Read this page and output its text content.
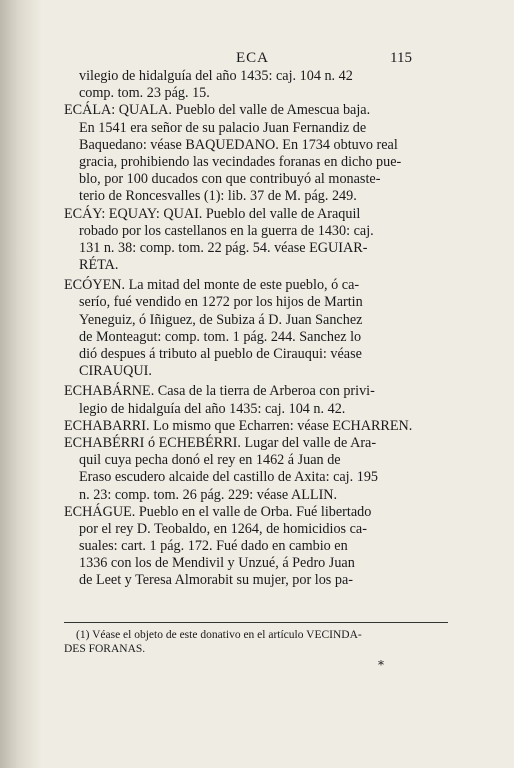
ECA	115
vilegio de hidalguía del año 1435: caj. 104 n. 42
comp. tom. 23 pág. 15.
ECÁLA: QUALA. Pueblo del valle de Amescua baja.
En 1541 era señor de su palacio Juan Fernandiz de
Baquedano: véase BAQUEDANO. En 1734 obtuvo real
gracia, prohibiendo las vecindades foranas en dicho pue-
blo, por 100 ducados con que contribuyó al monaste-
terio de Roncesvalles (1): lib. 37 de M. pág. 249.
ECÁY: EQUAY: QUAI. Pueblo del valle de Araquil
robado por los castellanos en la guerra de 1430: caj.
131 n. 38: comp. tom. 22 pág. 54. véase EGUIAR-
RÉTA.
ECÓYEN. La mitad del monte de este pueblo, ó ca-
serío, fué vendido en 1272 por los hijos de Martin
Yeneguiz, ó Iñiguez, de Subiza á D. Juan Sanchez
de Monteagut: comp. tom. 1 pág. 244. Sanchez lo
dió despues á tributo al pueblo de Cirauqui: véase
CIRAUQUI.
ECHABÁRNE. Casa de la tierra de Arberoa con privi-
legio de hidalguía del año 1435: caj. 104 n. 42.
ECHABARRI. Lo mismo que Echarren: véase ECHARREN.
ECHABÉRRI ó ECHEBÉRRI. Lugar del valle de Ara-
quil cuya pecha donó el rey en 1462 á Juan de
Eraso escudero alcaide del castillo de Axita: caj. 195
n. 23: comp. tom. 26 pág. 229: véase ALLIN.
ECHÁGUE. Pueblo en el valle de Orba. Fué libertado
por el rey D. Teobaldo, en 1264, de homicidios ca-
suales: cart. 1 pág. 172. Fué dado en cambio en
1336 con los de Mendivil y Unzué, á Pedro Juan
de Leet y Teresa Almorabit su mujer, por los pa-
(1) Véase el objeto de este donativo en el artículo VECINDA-
DES FORANAS.
*
